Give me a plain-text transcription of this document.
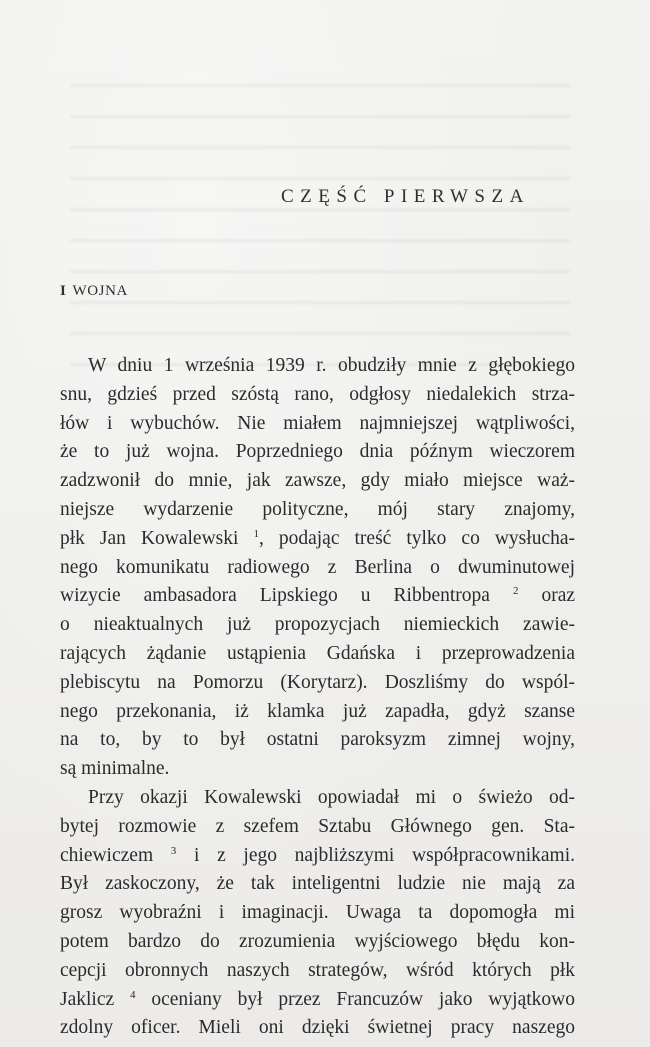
CZĘŚĆ PIERWSZA
I WOJNA
W dniu 1 września 1939 r. obudziły mnie z głębokiego
snu, gdzieś przed szóstą rano, odgłosy niedalekich strza-
łów i wybuchów. Nie miałem najmniejszej wątpliwości,
że to już wojna. Poprzedniego dnia późnym wieczorem
zadzwonił do mnie, jak zawsze, gdy miało miejsce waż-
niejsze wydarzenie polityczne, mój stary znajomy,
płk Jan Kowalewski $^1$, podając treść tylko co wysłucha-
nego komunikatu radiowego z Berlina o dwuminutowej
wizycie ambasadora Lipskiego u Ribbentropa $^2$ oraz
o nieaktualnych już propozycjach niemieckich zawie-
rających żądanie ustąpienia Gdańska i przeprowadzenia
plebiscytu na Pomorzu (Korytarz). Doszliśmy do wspól-
nego przekonania, iż klamka już zapadła, gdyż szanse
na to, by to był ostatni paroksyzm zimnej wojny,
są minimalne.
Przy okazji Kowalewski opowiadał mi o świeżo od-
bytej rozmowie z szefem Sztabu Głównego gen. Sta-
chiewiczem $^3$ i z jego najbliższymi współpracownikami.
Był zaskoczony, że tak inteligentni ludzie nie mają za
grosz wyobraźni i imaginacji. Uwaga ta dopomogła mi
potem bardzo do zrozumienia wyjściowego błędu kon-
cepcji obronnych naszych strategów, wśród których płk
Jaklicz $^4$ oceniany był przez Francuzów jako wyjątkowo
zdolny oficer. Mieli oni dzięki świetnej pracy naszego
